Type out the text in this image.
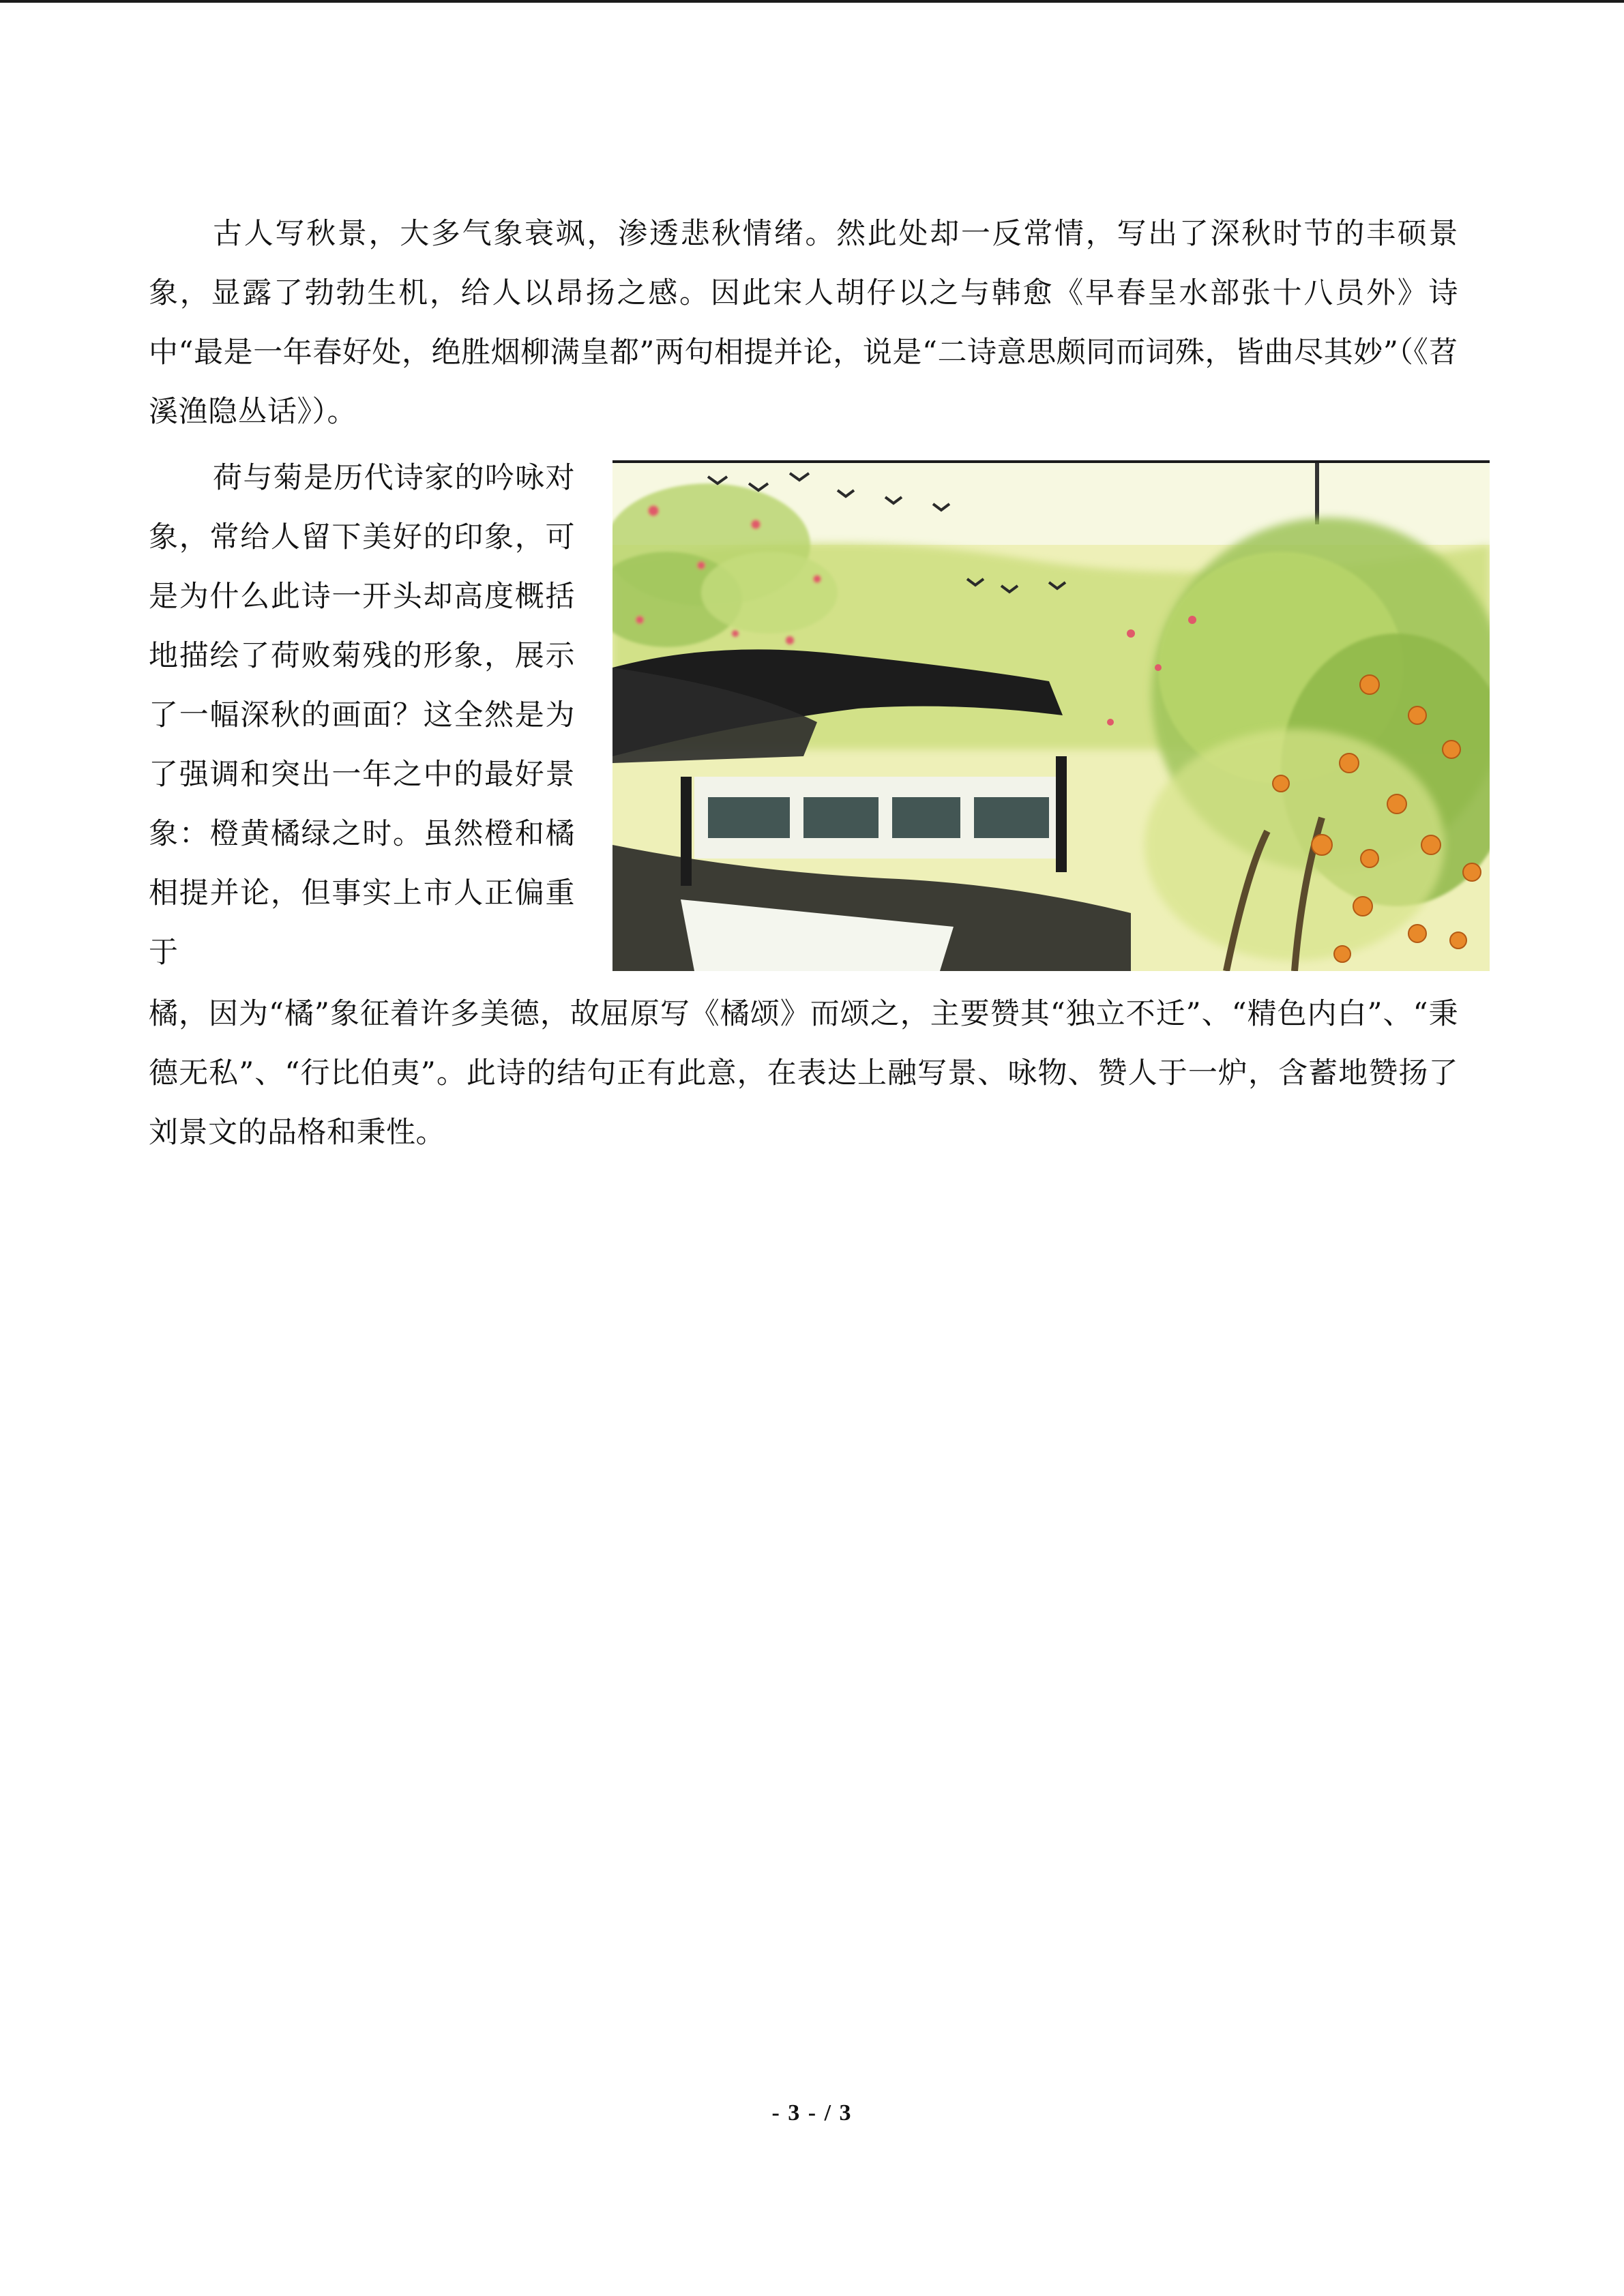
古人写秋景，大多气象衰飒，渗透悲秋情绪。然此处却一反常情，写出了深秋时节的丰硕景象，显露了勃勃生机，给人以昂扬之感。因此宋人胡仔以之与韩愈《早春呈水部张十八员外》诗中“最是一年春好处，绝胜烟柳满皇都”两句相提并论，说是“二诗意思颇同而词殊，皆曲尽其妙”（《苕溪渔隐丛话》）。

荷与菊是历代诗家的吟咏对象，常给人留下美好的印象，可是为什么此诗一开头却高度概括地描绘了荷败菊残的形象，展示了一幅深秋的画面？这全然是为了强调和突出一年之中的最好景象：橙黄橘绿之时。虽然橙和橘相提并论，但事实上市人正偏重于

橘，因为“橘”象征着许多美德，故屈原写《橘颂》而颂之，主要赞其“独立不迁”、“精色内白”、“秉德无私”、“行比伯夷”。此诗的结句正有此意，在表达上融写景、咏物、赞人于一炉，含蓄地赞扬了刘景文的品格和秉性。

- 3 - / 3
